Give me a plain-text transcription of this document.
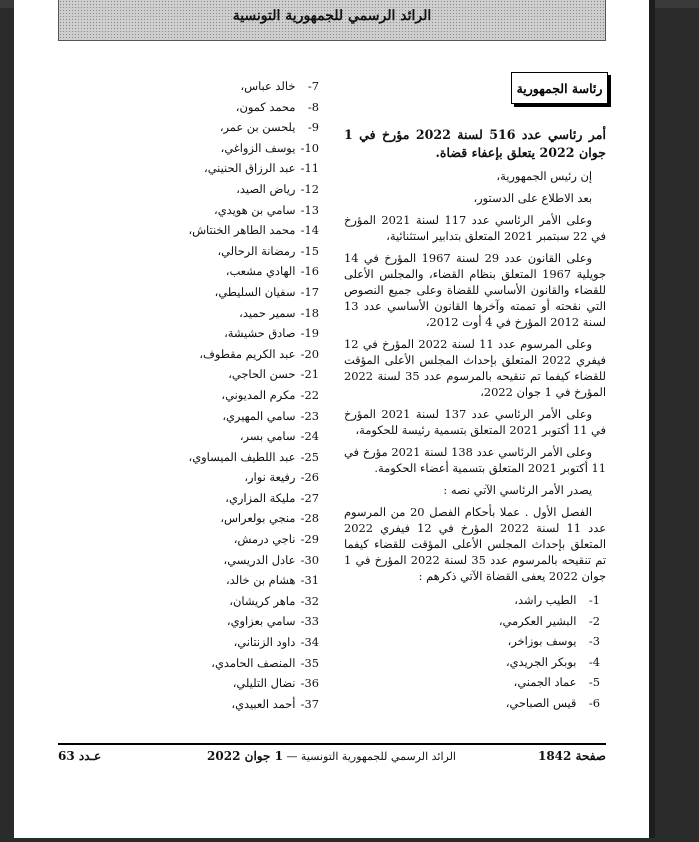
الرائد الرسمي للجمهورية التونسية
رئاسة الجمهورية

أمر رئاسي عدد 516 لسنة 2022 مؤرخ في 1 جوان 2022 يتعلق بإعفاء قضاة.

إن رئيس الجمهورية،

بعد الاطلاع على الدستور،

وعلى الأمر الرئاسي عدد 117 لسنة 2021 المؤرخ في 22 سبتمبر 2021 المتعلق بتدابير استثنائية،

وعلى القانون عدد 29 لسنة 1967 المؤرخ في 14 جويلية 1967 المتعلق بنظام القضاء، والمجلس الأعلى للقضاء والقانون الأساسي للقضاة وعلى جميع النصوص التي نقحته أو تممته وآخرها القانون الأساسي عدد 13 لسنة 2012 المؤرخ في 4 أوت 2012،

وعلى المرسوم عدد 11 لسنة 2022 المؤرخ في 12 فيفري 2022 المتعلق بإحداث المجلس الأعلى المؤقت للقضاء كيفما تم تنقيحه بالمرسوم عدد 35 لسنة 2022 المؤرخ في 1 جوان 2022،

وعلى الأمر الرئاسي عدد 137 لسنة 2021 المؤرخ في 11 أكتوبر 2021 المتعلق بتسمية رئيسة للحكومة،

وعلى الأمر الرئاسي عدد 138 لسنة 2021 مؤرخ في 11 أكتوبر 2021 المتعلق بتسمية أعضاء الحكومة.

يصدر الأمر الرئاسي الآتي نصه :

الفصل الأول . عملا بأحكام الفصل 20 من المرسوم عدد 11 لسنة 2022 المؤرخ في 12 فيفري 2022 المتعلق بإحداث المجلس الأعلى المؤقت للقضاء كيفما تم تنقيحه بالمرسوم عدد 35 لسنة 2022 المؤرخ في 1 جوان 2022 يعفى القضاة الآتي ذكرهم :

1- الطيب راشد،
2- البشير العكرمي،
3- يوسف بوزاخر،
4- بوبكر الجريدي،
5- عماد الجمني،
6- قيس الصباحي،
7- خالد عباس،
8- محمد كمون،
9- يلحسن بن عمر،
10- يوسف الزواغي،
11- عبد الرزاق الحنيني،
12- رياض الصيد،
13- سامي بن هويدي،
14- محمد الطاهر الخنتاش،
15- رمضانة الرحالي،
16- الهادي مشعب،
17- سفيان السليطي،
18- سمير حميد،
19- صادق حشيشة،
20- عبد الكريم مقطوف،
21- حسن الحاجي،
22- مكرم المديوني،
23- سامي المهيري،
24- سامي بسر،
25- عبد اللطيف الميساوي،
26- رفيعة نوار،
27- مليكة المزاري،
28- منجي بولعراس،
29- ناجي درمش،
30- عادل الدريسي،
31- هشام بن خالد،
32- ماهر كريشان،
33- سامي بعزاوي،
34- داود الزنتاني،
35- المنصف الحامدي،
36- نضال التليلي،
37- أحمد العبيدي،
صفحة 1842
الرائد الرسمي للجمهورية التونسية — 1 جوان 2022
عـدد 63
